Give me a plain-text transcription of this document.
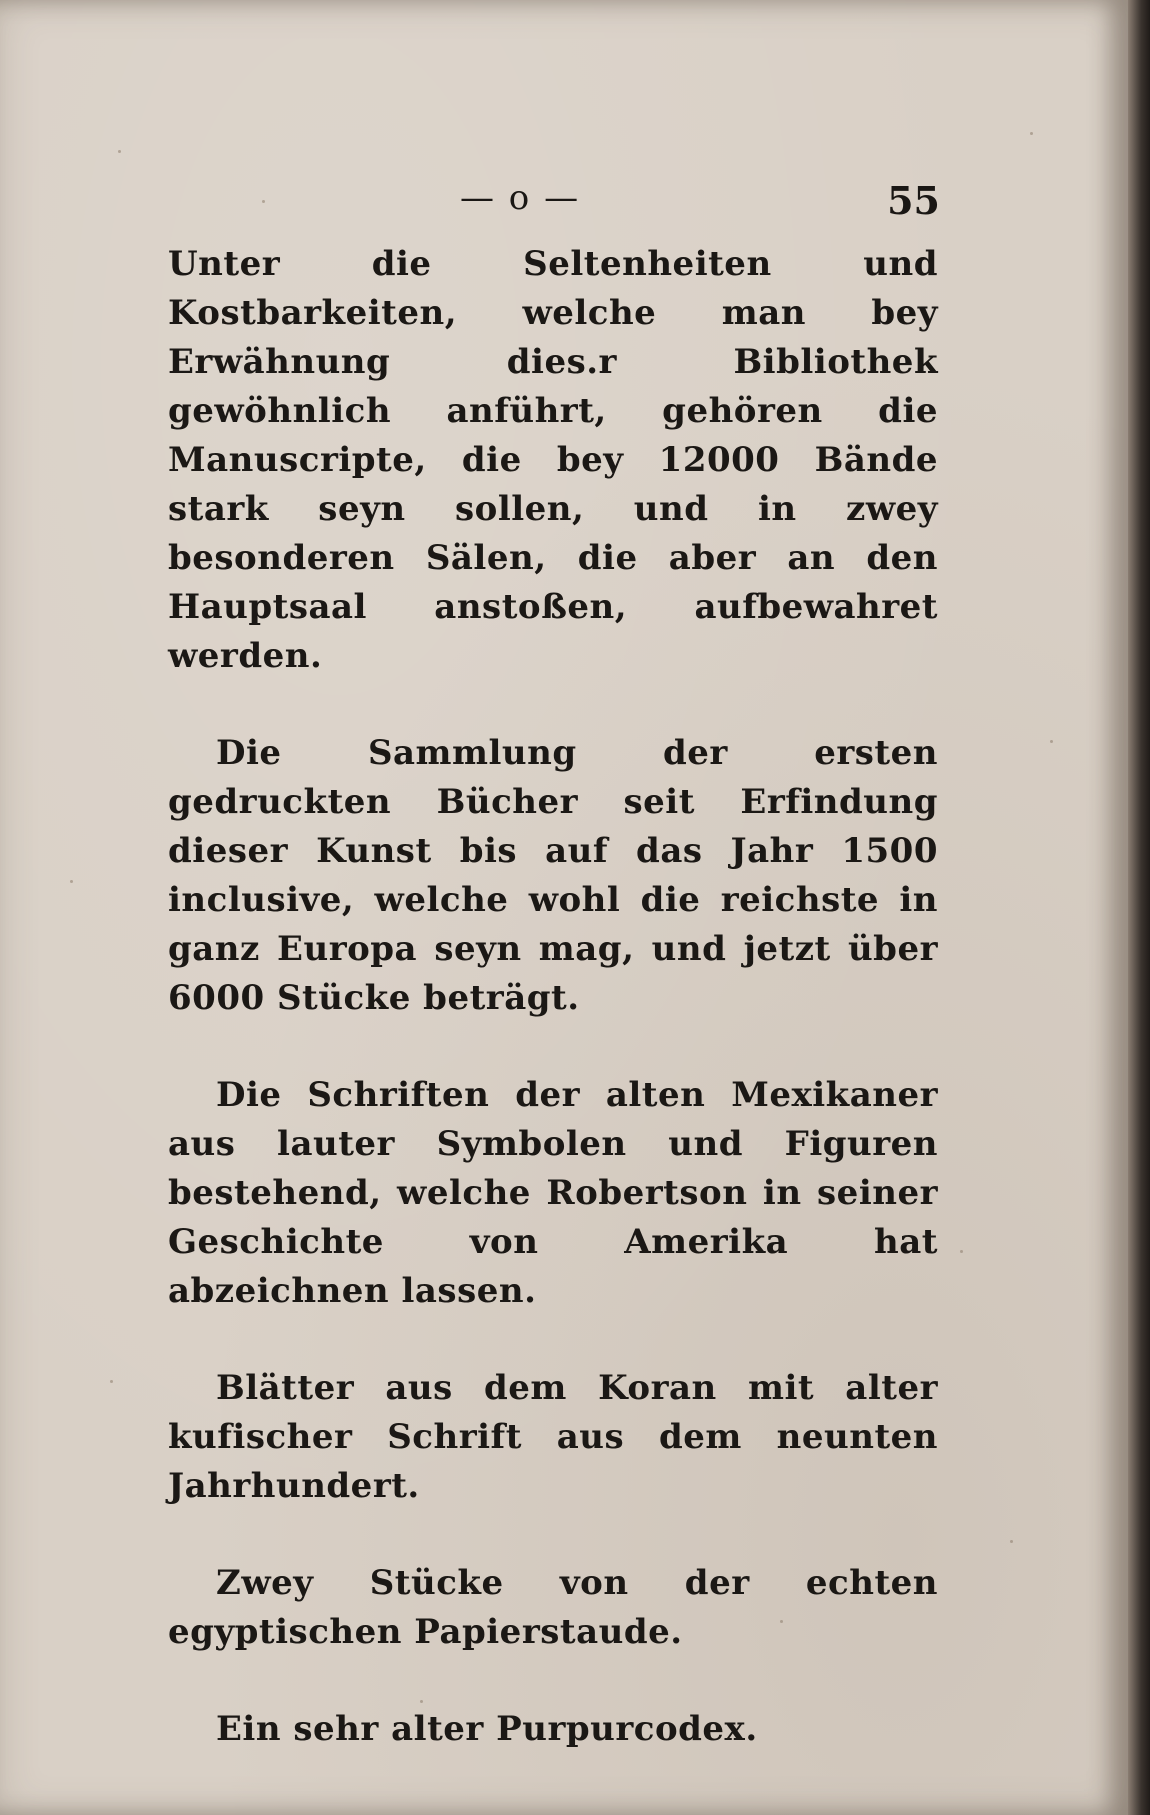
— o —	55

Unter die Seltenheiten und Kostbarkeiten, welche man bey Erwähnung dies.r Bibliothek gewöhnlich anführt, gehören die Manuscripte, die bey 12000 Bände stark seyn sollen, und in zwey besonderen Sälen, die aber an den Hauptsaal anstoßen, aufbewahret werden.

Die Sammlung der ersten gedruckten Bücher seit Erfindung dieser Kunst bis auf das Jahr 1500 inclusive, welche wohl die reichste in ganz Europa seyn mag, und jetzt über 6000 Stücke beträgt.

Die Schriften der alten Mexikaner aus lauter Symbolen und Figuren bestehend, welche Robertson in seiner Geschichte von Amerika hat abzeichnen lassen.

Blätter aus dem Koran mit alter kufischer Schrift aus dem neunten Jahrhundert.

Zwey Stücke von der echten egyptischen Papierstaude.

Ein sehr alter Purpurcodex.
